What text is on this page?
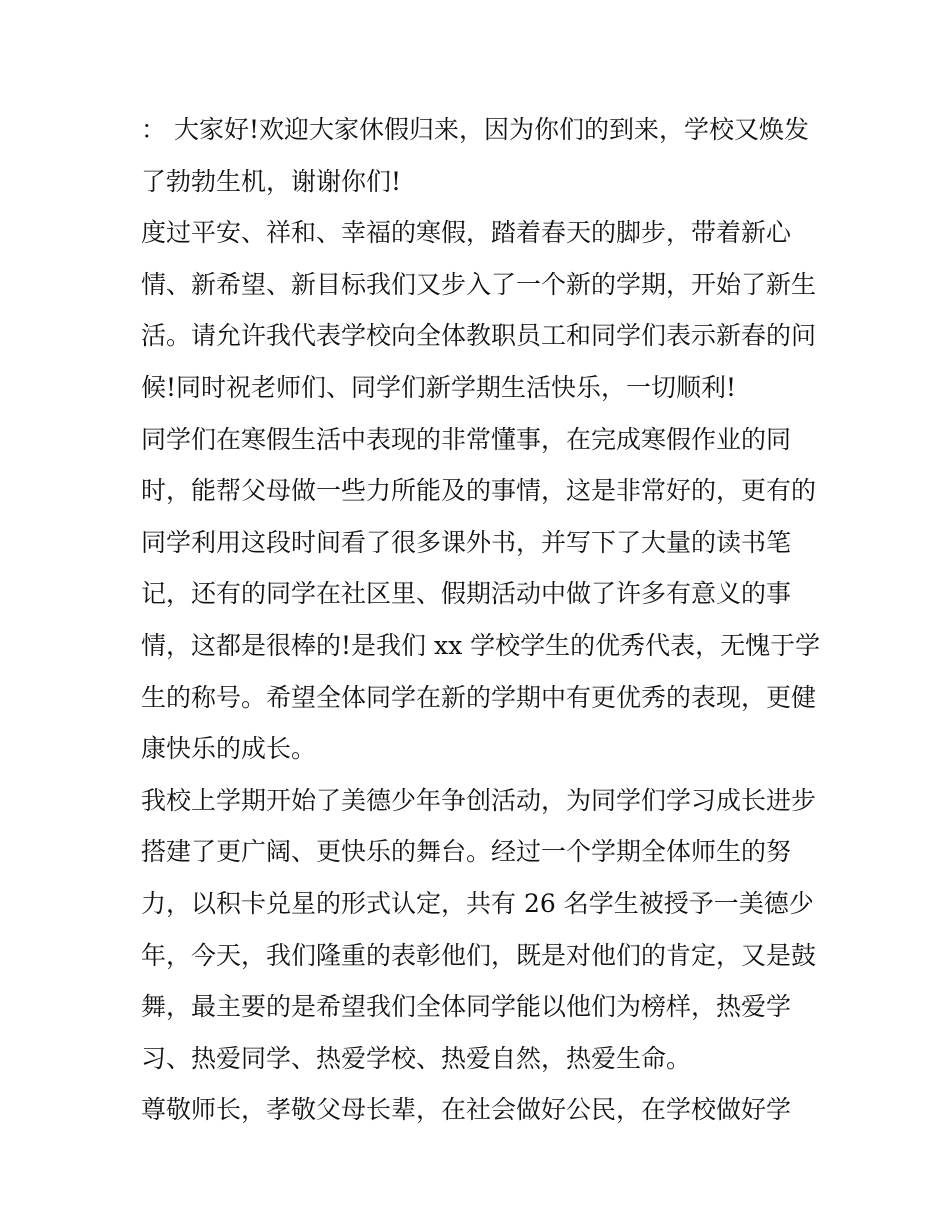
： 大家好!欢迎大家休假归来，因为你们的到来，学校又焕发
了勃勃生机，谢谢你们!

度过平安、祥和、幸福的寒假，踏着春天的脚步，带着新心
情、新希望、新目标我们又步入了一个新的学期，开始了新生
活。请允许我代表学校向全体教职员工和同学们表示新春的问
候!同时祝老师们、同学们新学期生活快乐，一切顺利!

同学们在寒假生活中表现的非常懂事，在完成寒假作业的同
时，能帮父母做一些力所能及的事情，这是非常好的，更有的
同学利用这段时间看了很多课外书，并写下了大量的读书笔
记，还有的同学在社区里、假期活动中做了许多有意义的事
情，这都是很棒的!是我们 xx 学校学生的优秀代表，无愧于学
生的称号。希望全体同学在新的学期中有更优秀的表现，更健
康快乐的成长。

我校上学期开始了美德少年争创活动，为同学们学习成长进步
搭建了更广阔、更快乐的舞台。经过一个学期全体师生的努
力，以积卡兑星的形式认定，共有 26 名学生被授予一美德少
年，今天，我们隆重的表彰他们，既是对他们的肯定，又是鼓
舞，最主要的是希望我们全体同学能以他们为榜样，热爱学
习、热爱同学、热爱学校、热爱自然，热爱生命。

尊敬师长，孝敬父母长辈，在社会做好公民，在学校做好学
